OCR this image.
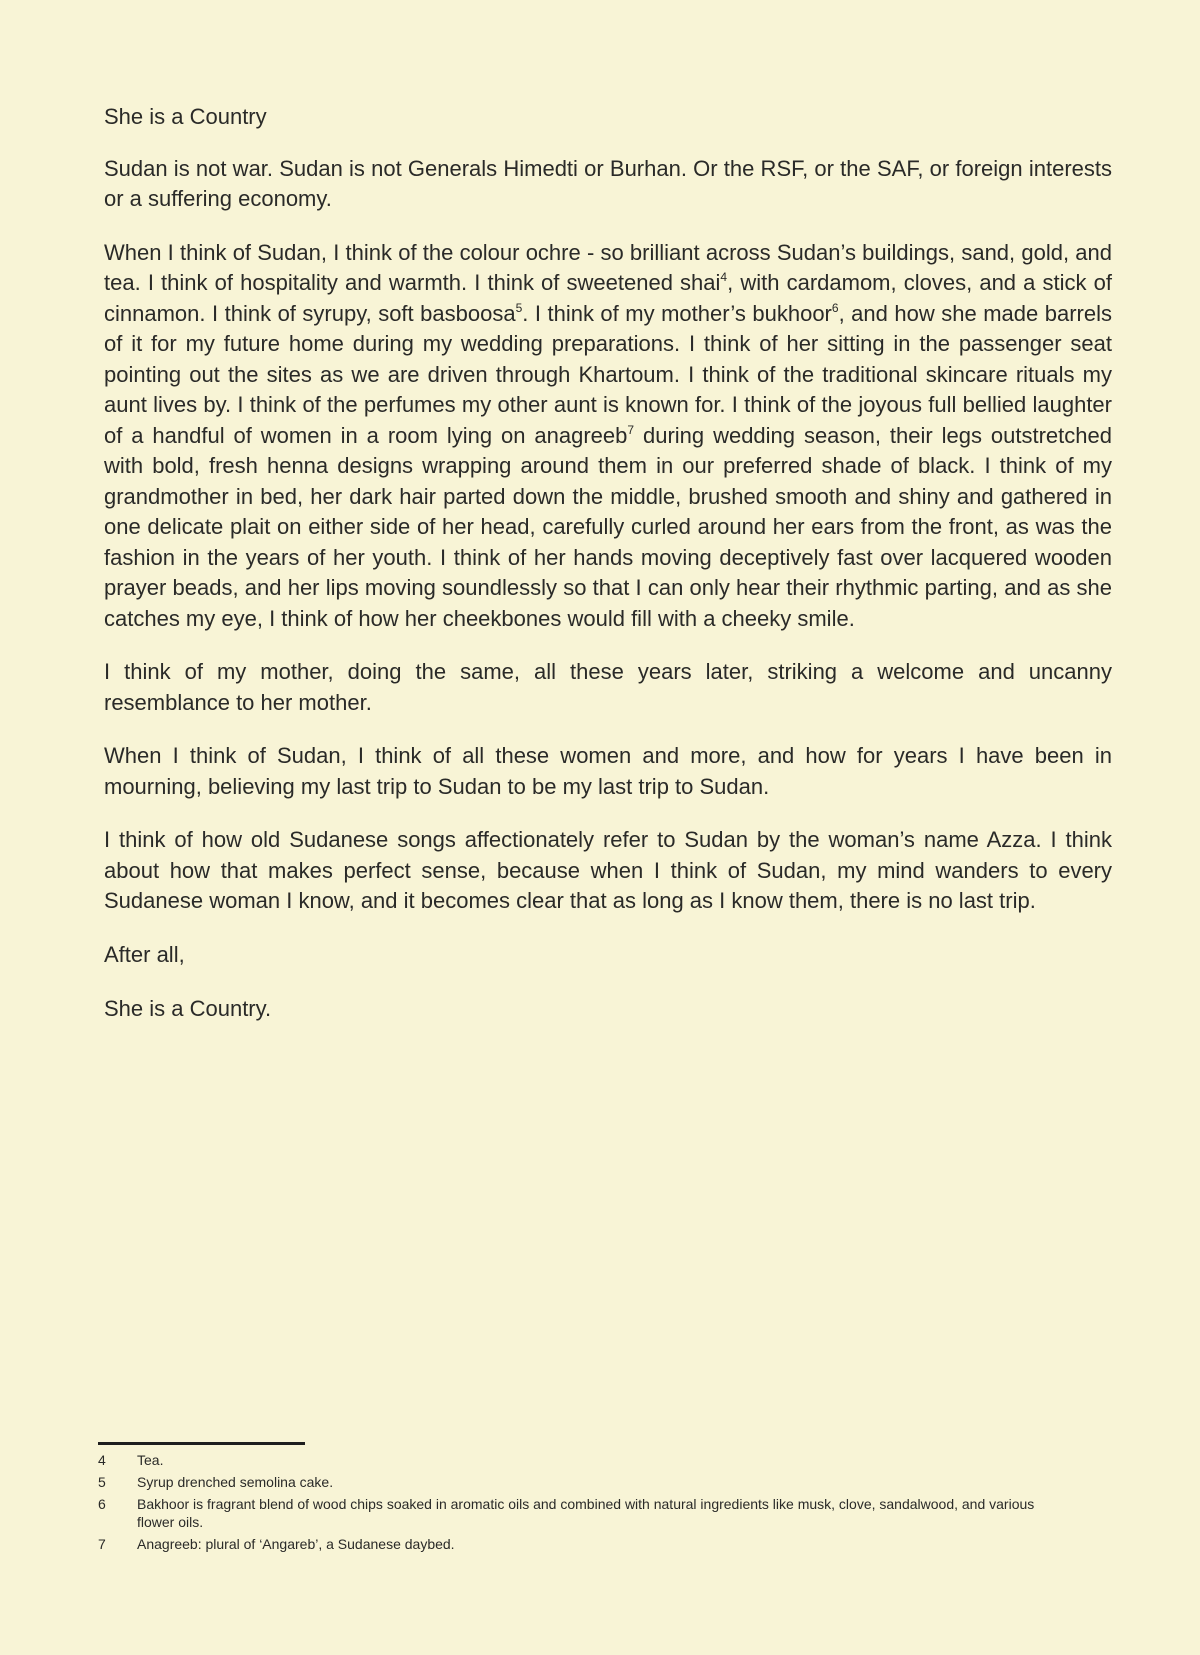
She is a Country

Sudan is not war. Sudan is not Generals Himedti or Burhan. Or the RSF, or the SAF, or foreign interests or a suffering economy.

When I think of Sudan, I think of the colour ochre - so brilliant across Sudan’s buildings, sand, gold, and tea. I think of hospitality and warmth. I think of sweetened shai$^4$, with cardamom, cloves, and a stick of cinnamon. I think of syrupy, soft basboosa$^5$. I think of my mother’s bukhoor$^6$, and how she made barrels of it for my future home during my wedding preparations. I think of her sitting in the passenger seat pointing out the sites as we are driven through Khartoum. I think of the traditional skincare rituals my aunt lives by. I think of the perfumes my other aunt is known for. I think of the joyous full bellied laughter of a handful of women in a room lying on anagreeb$^7$ during wedding season, their legs outstretched with bold, fresh henna designs wrapping around them in our preferred shade of black. I think of my grandmother in bed, her dark hair parted down the middle, brushed smooth and shiny and gathered in one delicate plait on either side of her head, carefully curled around her ears from the front, as was the fashion in the years of her youth. I think of her hands moving deceptively fast over lacquered wooden prayer beads, and her lips moving soundlessly so that I can only hear their rhythmic parting, and as she catches my eye, I think of how her cheekbones would fill with a cheeky smile.

I think of my mother, doing the same, all these years later, striking a welcome and uncanny resemblance to her mother.

When I think of Sudan, I think of all these women and more, and how for years I have been in mourning, believing my last trip to Sudan to be my last trip to Sudan.

I think of how old Sudanese songs affectionately refer to Sudan by the woman’s name Azza. I think about how that makes perfect sense, because when I think of Sudan, my mind wanders to every Sudanese woman I know, and it becomes clear that as long as I know them, there is no last trip.

After all,

She is a Country.

4	Tea.
5	Syrup drenched semolina cake.
6	Bakhoor is fragrant blend of wood chips soaked in aromatic oils and combined with natural ingredients like musk, clove, sandalwood, and various flower oils.
7	Anagreeb: plural of ‘Angareb’, a Sudanese daybed.
